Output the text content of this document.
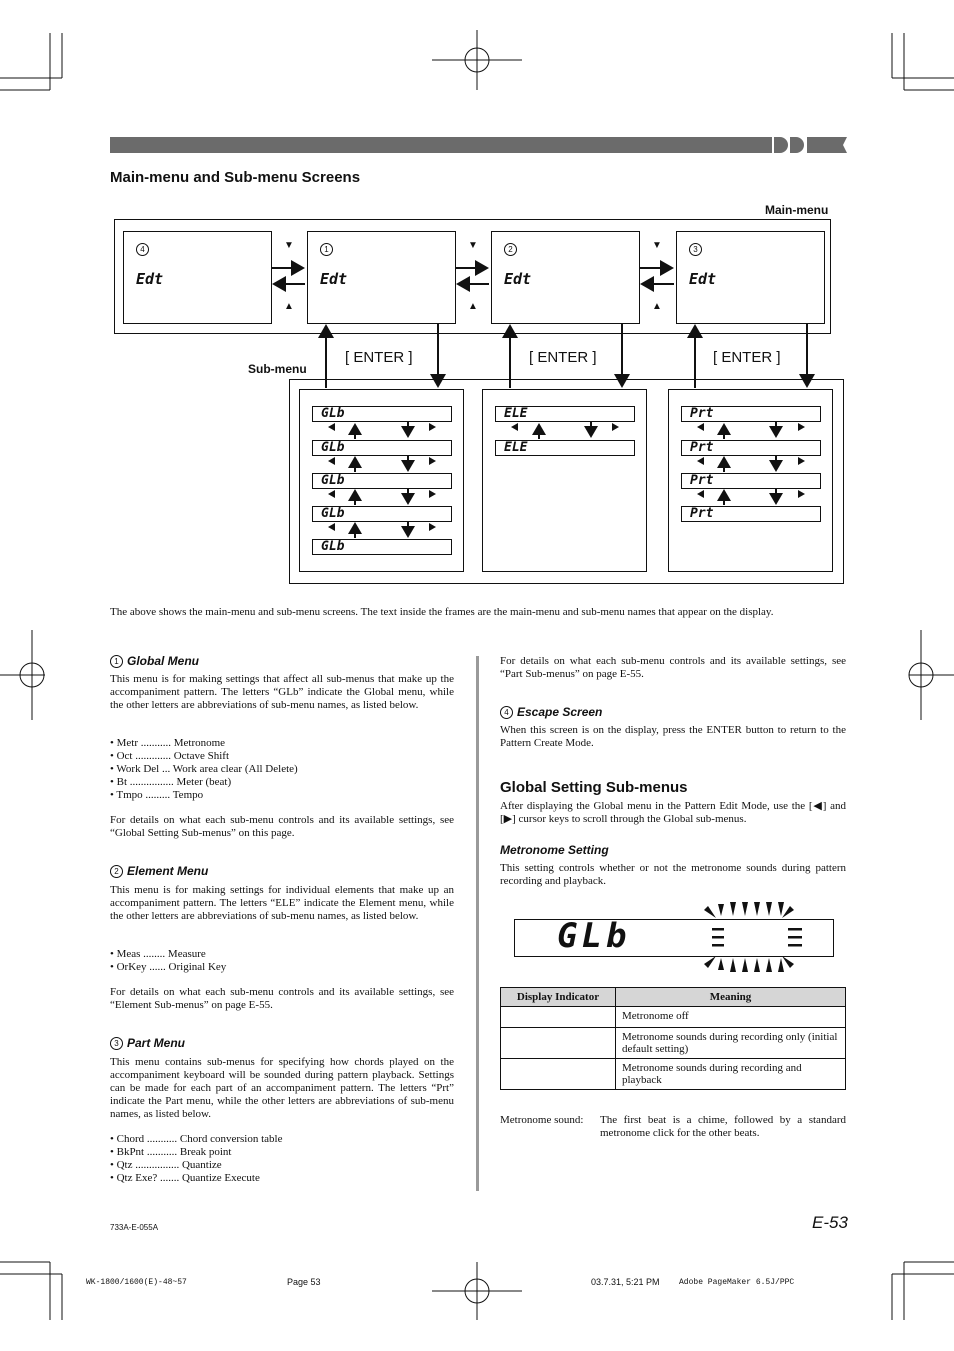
Main-menu and Sub-menu Screens
Main-menu
4
Edt
1
Edt
2
Edt
3
Edt
▼
▲
▼
▲
▼
▲
[ ENTER ]	[ ENTER ]	[ ENTER ]
Sub-menu
GLb
GLb
GLb
GLb
GLb
ELE
ELE
Prt
Prt
Prt
Prt
The above shows the main-menu and sub-menu screens. The text inside the frames are the main-menu and sub-menu names that appear on the display.
1 Global Menu
This menu is for making settings that affect all sub-menus that make up the accompaniment pattern. The letters “GLb” indicate the Global menu, while the other letters are abbreviations of sub-menu names, as listed below.
• Metr ........... Metronome
• Oct ............. Octave Shift
• Work Del ... Work area clear (All Delete)
• Bt ................ Meter (beat)
• Tmpo ......... Tempo
For details on what each sub-menu controls and its available settings, see “Global Setting Sub-menus” on this page.
2 Element Menu
This menu is for making settings for individual elements that make up an accompaniment pattern. The letters “ELE” indicate the Element menu, while the other letters are abbreviations of sub-menu names, as listed below.
• Meas ........ Measure
• OrKey ...... Original Key
For details on what each sub-menu controls and its available settings, see “Element Sub-menus” on page E-55.
3 Part Menu
This menu contains sub-menus for specifying how chords played on the accompaniment keyboard will be sounded during pattern playback. Settings can be made for each part of an accompaniment pattern. The letters “Prt” indicate the Part menu, while the other letters are abbreviations of sub-menu names, as listed below.
• Chord ........... Chord conversion table
• BkPnt ........... Break point
• Qtz ................ Quantize
• Qtz Exe? ....... Quantize Execute
For details on what each sub-menu controls and its available settings, see “Part Sub-menus” on page E-55.
4 Escape Screen
When this screen is on the display, press the ENTER button to return to the Pattern Create Mode.
Global Setting Sub-menus
After displaying the Global menu in the Pattern Edit Mode, use the [◀] and [▶] cursor keys to scroll through the Global sub-menus.
Metronome Setting
This setting controls whether or not the metronome sounds during pattern recording and playback.
GLb
Display Indicator	Meaning
	Metronome off
	Metronome sounds during recording only (initial default setting)
	Metronome sounds during recording and playback
Metronome sound: The first beat is a chime, followed by a standard metronome click for the other beats.
E-53
733A-E-055A
WK-1800/1600(E)-48~57	Page 53	03.7.31, 5:21 PM Adobe PageMaker 6.5J/PPC
